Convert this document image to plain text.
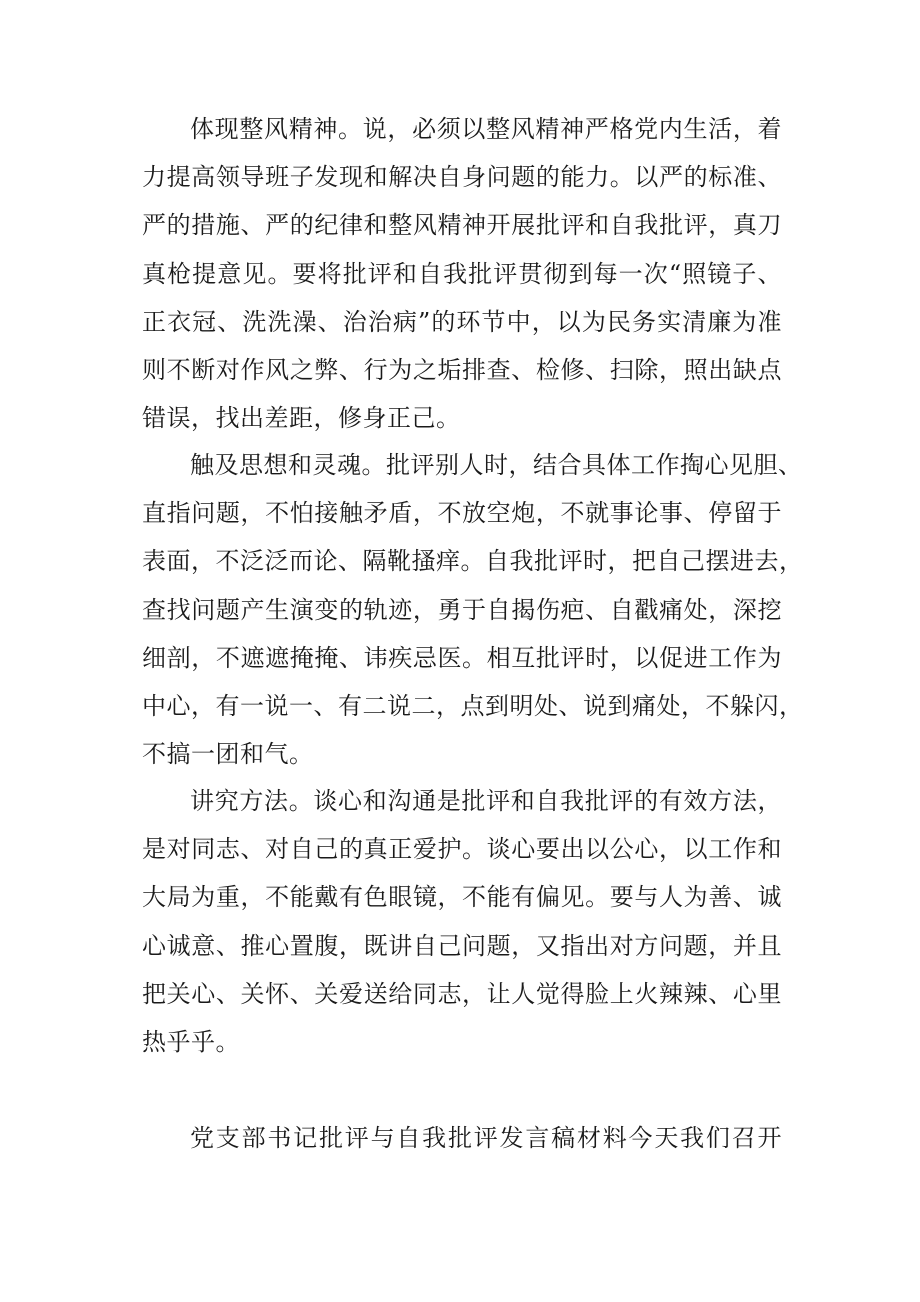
体现整风精神。说，必须以整风精神严格党内生活，着
力提高领导班子发现和解决自身问题的能力。以严的标准、
严的措施、严的纪律和整风精神开展批评和自我批评，真刀
真枪提意见。要将批评和自我批评贯彻到每一次“照镜子、
正衣冠、洗洗澡、治治病”的环节中，以为民务实清廉为准
则不断对作风之弊、行为之垢排查、检修、扫除，照出缺点
错误，找出差距，修身正己。
触及思想和灵魂。批评别人时，结合具体工作掏心见胆、
直指问题，不怕接触矛盾，不放空炮，不就事论事、停留于
表面，不泛泛而论、隔靴搔痒。自我批评时，把自己摆进去，
查找问题产生演变的轨迹，勇于自揭伤疤、自戳痛处，深挖
细剖，不遮遮掩掩、讳疾忌医。相互批评时，以促进工作为
中心，有一说一、有二说二，点到明处、说到痛处，不躲闪，
不搞一团和气。
讲究方法。谈心和沟通是批评和自我批评的有效方法，
是对同志、对自己的真正爱护。谈心要出以公心，以工作和
大局为重，不能戴有色眼镜，不能有偏见。要与人为善、诚
心诚意、推心置腹，既讲自己问题，又指出对方问题，并且
把关心、关怀、关爱送给同志，让人觉得脸上火辣辣、心里
热乎乎。
党支部书记批评与自我批评发言稿材料今天我们召开
